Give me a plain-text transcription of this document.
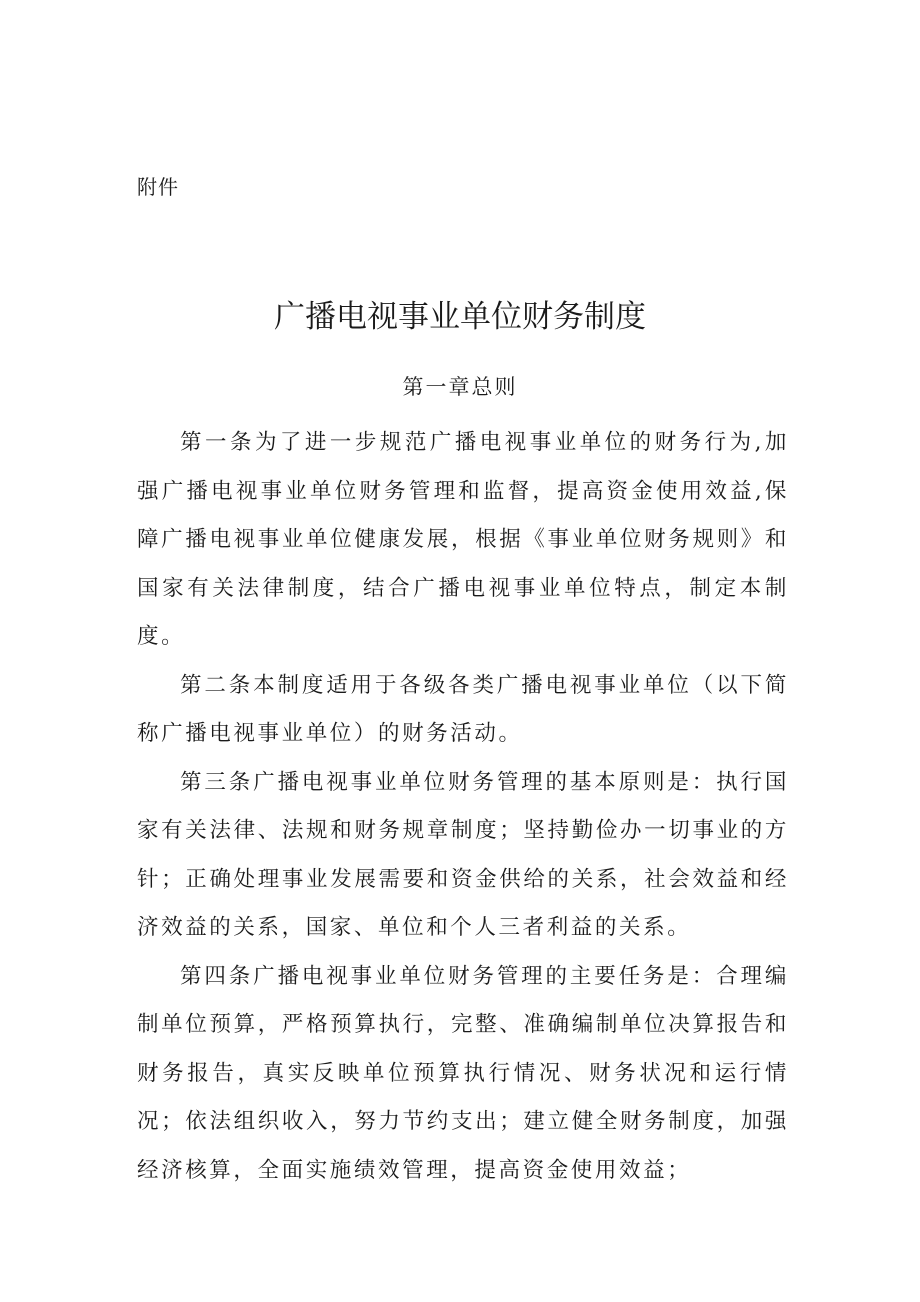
附件
广播电视事业单位财务制度
第一章总则

第一条为了进一步规范广播电视事业单位的财务行为,加强广播电视事业单位财务管理和监督，提高资金使用效益,保障广播电视事业单位健康发展，根据《事业单位财务规则》和国家有关法律制度，结合广播电视事业单位特点，制定本制度。

第二条本制度适用于各级各类广播电视事业单位（以下简称广播电视事业单位）的财务活动。

第三条广播电视事业单位财务管理的基本原则是：执行国家有关法律、法规和财务规章制度；坚持勤俭办一切事业的方针；正确处理事业发展需要和资金供给的关系，社会效益和经济效益的关系，国家、单位和个人三者利益的关系。

第四条广播电视事业单位财务管理的主要任务是：合理编制单位预算，严格预算执行，完整、准确编制单位决算报告和财务报告，真实反映单位预算执行情况、财务状况和运行情况；依法组织收入，努力节约支出；建立健全财务制度，加强经济核算，全面实施绩效管理，提高资金使用效益；
